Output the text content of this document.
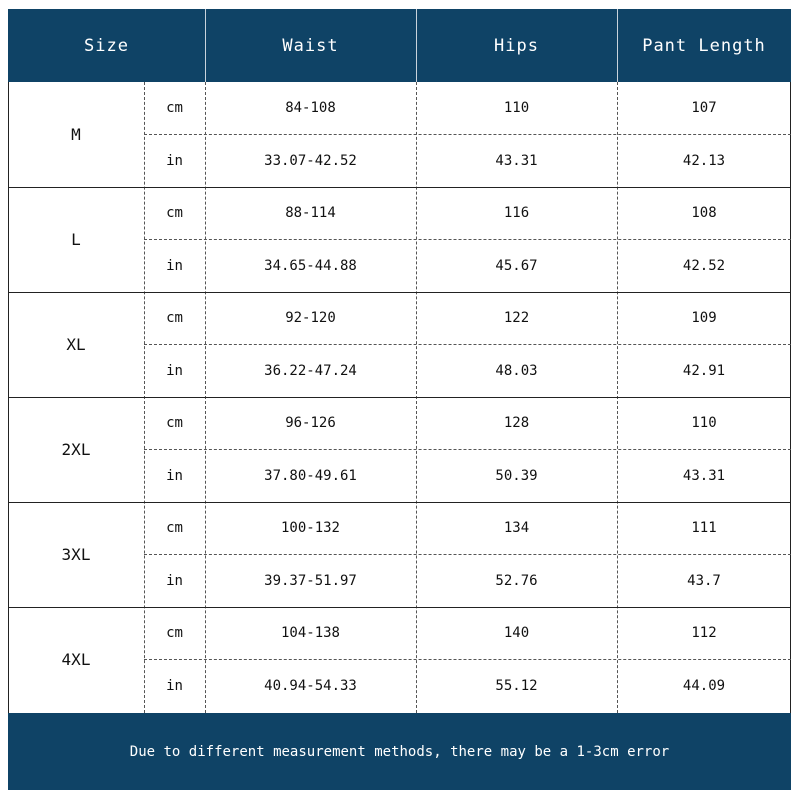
Size	Waist	Hips	Pant Length
M
cm	84-108	110	107
in	33.07-42.52	43.31	42.13
L
cm	88-114	116	108
in	34.65-44.88	45.67	42.52
XL
cm	92-120	122	109
in	36.22-47.24	48.03	42.91
2XL
cm	96-126	128	110
in	37.80-49.61	50.39	43.31
3XL
cm	100-132	134	111
in	39.37-51.97	52.76	43.7
4XL
cm	104-138	140	112
in	40.94-54.33	55.12	44.09
Due to different measurement methods, there may be a 1-3cm error
